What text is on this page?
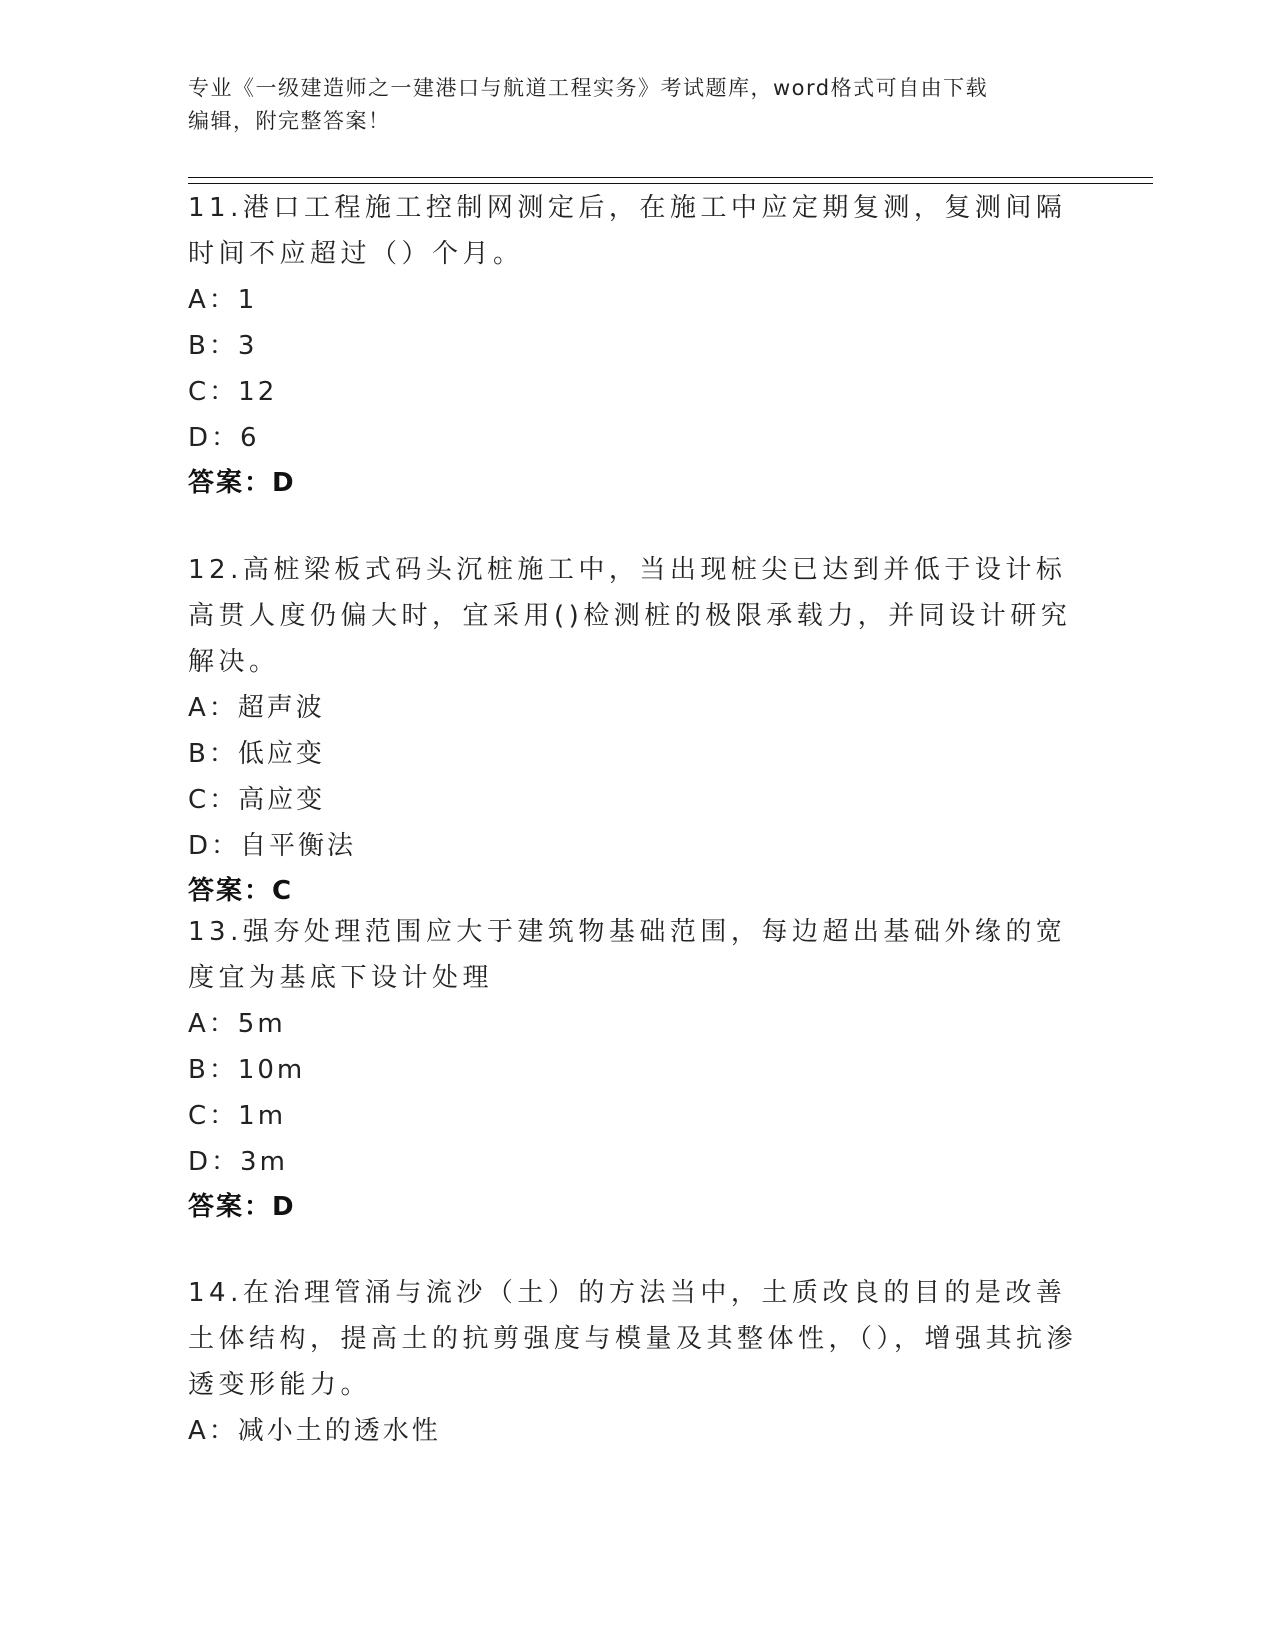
专业《一级建造师之一建港口与航道工程实务》考试题库，word格式可自由下载
编辑，附完整答案！

11.港口工程施工控制网测定后，在施工中应定期复测，复测间隔时间不应超过（）个月。

A：1

B：3

C：12

D：6

答案：D

12.高桩梁板式码头沉桩施工中，当出现桩尖已达到并低于设计标高贯人度仍偏大时，宜采用()检测桩的极限承载力，并同设计研究解决。

A：超声波

B：低应变

C：高应变

D：自平衡法

答案：C

13.强夯处理范围应大于建筑物基础范围，每边超出基础外缘的宽度宜为基底下设计处理

A：5m

B：10m

C：1m

D：3m

答案：D

14.在治理管涌与流沙（土）的方法当中，土质改良的目的是改善土体结构，提高土的抗剪强度与模量及其整体性，（），增强其抗渗透变形能力。

A：减小土的透水性
